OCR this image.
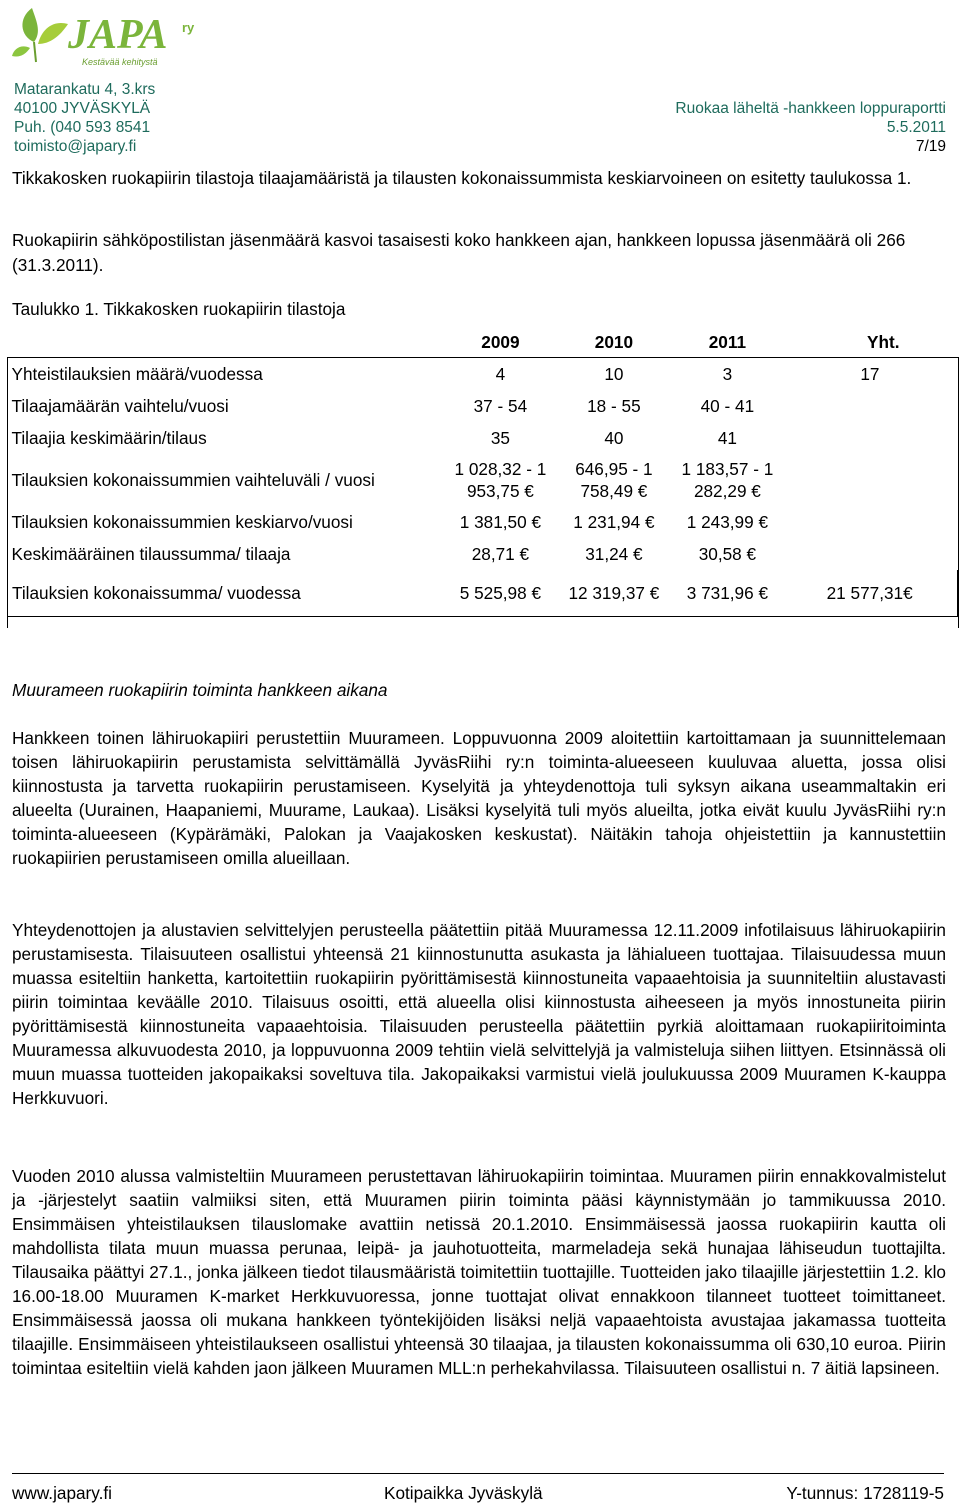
JAPA ry
Kestävää kehitystä
Matarankatu 4, 3.krs
40100 JYVÄSKYLÄ
Puh. (040 593 8541
toimisto@japary.fi
Ruokaa läheltä -hankkeen loppuraportti
5.5.2011
7/19
Tikkakosken ruokapiirin tilastoja tilaajamääristä ja tilausten kokonaissummista keskiarvoineen on esitetty taulukossa 1.
Ruokapiirin sähköpostilistan jäsenmäärä kasvoi tasaisesti koko hankkeen ajan, hankkeen lopussa jäsenmäärä oli 266 (31.3.2011).
Taulukko 1. Tikkakosken ruokapiirin tilastoja
	2009	2010	2011	Yht.
Yhteistilauksien määrä/vuodessa	4	10	3	17
Tilaajamäärän vaihtelu/vuosi	37 - 54	18 - 55	40 - 41	
Tilaajia keskimäärin/tilaus	35	40	41	
Tilauksien kokonaissummien vaihteluväli / vuosi	1 028,32 - 1 953,75 €	646,95 - 1 758,49 €	1 183,57 - 1 282,29 €	
Tilauksien kokonaissummien keskiarvo/vuosi	1 381,50 €	1 231,94 €	1 243,99 €	
Keskimääräinen tilaussumma/ tilaaja	28,71 €	31,24 €	30,58 €	
Tilauksien kokonaissumma/ vuodessa	5 525,98 €	12 319,37 €	3 731,96 €	21 577,31€
Muurameen ruokapiirin toiminta hankkeen aikana
Hankkeen toinen lähiruokapiiri perustettiin Muurameen. Loppuvuonna 2009 aloitettiin kartoittamaan ja suunnittelemaan toisen lähiruokapiirin perustamista selvittämällä JyväsRiihi ry:n toiminta-alueeseen kuuluvaa aluetta, jossa olisi kiinnostusta ja tarvetta ruokapiirin perustamiseen. Kyselyitä ja yhteydenottoja tuli syksyn aikana useammaltakin eri alueelta (Uurainen, Haapaniemi, Muurame, Laukaa). Lisäksi kyselyitä tuli myös alueilta, jotka eivät kuulu JyväsRiihi ry:n toiminta-alueeseen (Kypärämäki, Palokan ja Vaajakosken keskustat). Näitäkin tahoja ohjeistettiin ja kannustettiin ruokapiirien perustamiseen omilla alueillaan.
Yhteydenottojen ja alustavien selvittelyjen perusteella päätettiin pitää Muuramessa 12.11.2009 infotilaisuus lähiruokapiirin perustamisesta. Tilaisuuteen osallistui yhteensä 21 kiinnostunutta asukasta ja lähialueen tuottajaa. Tilaisuudessa muun muassa esiteltiin hanketta, kartoitettiin ruokapiirin pyörittämisestä kiinnostuneita vapaaehtoisia ja suunniteltiin alustavasti piirin toimintaa keväälle 2010. Tilaisuus osoitti, että alueella olisi kiinnostusta aiheeseen ja myös innostuneita piirin pyörittämisestä kiinnostuneita vapaaehtoisia. Tilaisuuden perusteella päätettiin pyrkiä aloittamaan ruokapiiritoiminta Muuramessa alkuvuodesta 2010, ja loppuvuonna 2009 tehtiin vielä selvittelyjä ja valmisteluja siihen liittyen. Etsinnässä oli muun muassa tuotteiden jakopaikaksi soveltuva tila. Jakopaikaksi varmistui vielä joulukuussa 2009 Muuramen K-kauppa Herkkuvuori.
Vuoden 2010 alussa valmisteltiin Muurameen perustettavan lähiruokapiirin toimintaa. Muuramen piirin ennakkovalmistelut ja -järjestelyt saatiin valmiiksi siten, että Muuramen piirin toiminta pääsi käynnistymään jo tammikuussa 2010. Ensimmäisen yhteistilauksen tilauslomake avattiin netissä 20.1.2010. Ensimmäisessä jaossa ruokapiirin kautta oli mahdollista tilata muun muassa perunaa, leipä- ja jauhotuotteita, marmeladeja sekä hunajaa lähiseudun tuottajilta. Tilausaika päättyi 27.1., jonka jälkeen tiedot tilausmääristä toimitettiin tuottajille. Tuotteiden jako tilaajille järjestettiin 1.2. klo 16.00-18.00 Muuramen K-market Herkkuvuoressa, jonne tuottajat olivat ennakkoon tilanneet tuotteet toimittaneet. Ensimmäisessä jaossa oli mukana hankkeen työntekijöiden lisäksi neljä vapaaehtoista avustajaa jakamassa tuotteita tilaajille. Ensimmäiseen yhteistilaukseen osallistui yhteensä 30 tilaajaa, ja tilausten kokonaissumma oli 630,10 euroa. Piirin toimintaa esiteltiin vielä kahden jaon jälkeen Muuramen MLL:n perhekahvilassa. Tilaisuuteen osallistui n. 7 äitiä lapsineen.
www.japary.fi	Kotipaikka Jyväskylä	Y-tunnus: 1728119-5
